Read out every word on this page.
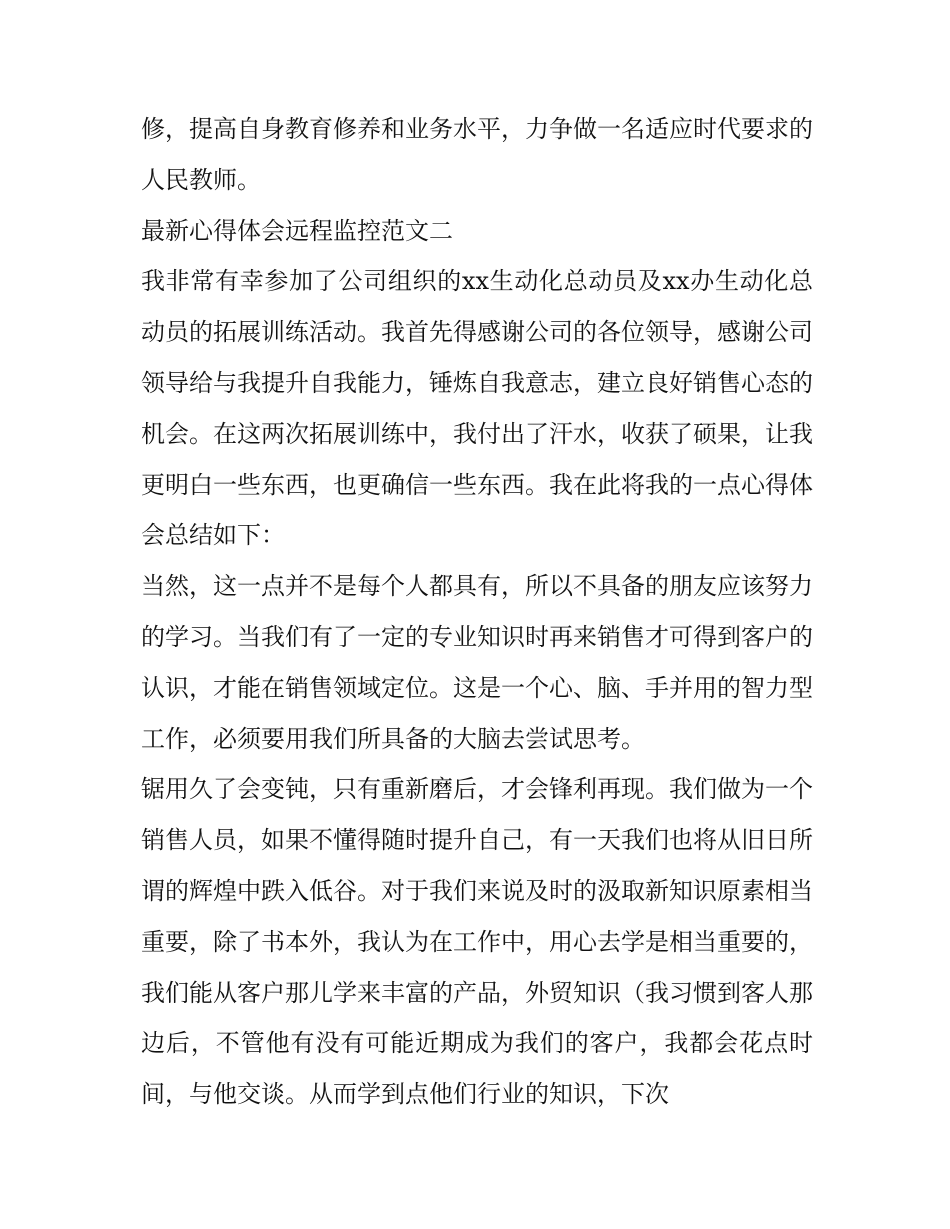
修，提高自身教育修养和业务水平，力争做一名适应时代要求的人民教师。

最新心得体会远程监控范文二

我非常有幸参加了公司组织的xx生动化总动员及xx办生动化总动员的拓展训练活动。我首先得感谢公司的各位领导，感谢公司领导给与我提升自我能力，锤炼自我意志，建立良好销售心态的机会。在这两次拓展训练中，我付出了汗水，收获了硕果，让我更明白一些东西，也更确信一些东西。我在此将我的一点心得体会总结如下：

当然，这一点并不是每个人都具有，所以不具备的朋友应该努力的学习。当我们有了一定的专业知识时再来销售才可得到客户的认识，才能在销售领域定位。这是一个心、脑、手并用的智力型工作，必须要用我们所具备的大脑去尝试思考。

锯用久了会变钝，只有重新磨后，才会锋利再现。我们做为一个销售人员，如果不懂得随时提升自己，有一天我们也将从旧日所谓的辉煌中跌入低谷。对于我们来说及时的汲取新知识原素相当重要，除了书本外，我认为在工作中，用心去学是相当重要的，我们能从客户那儿学来丰富的产品，外贸知识（我习惯到客人那边后，不管他有没有可能近期成为我们的客户，我都会花点时间，与他交谈。从而学到点他们行业的知识，下次
